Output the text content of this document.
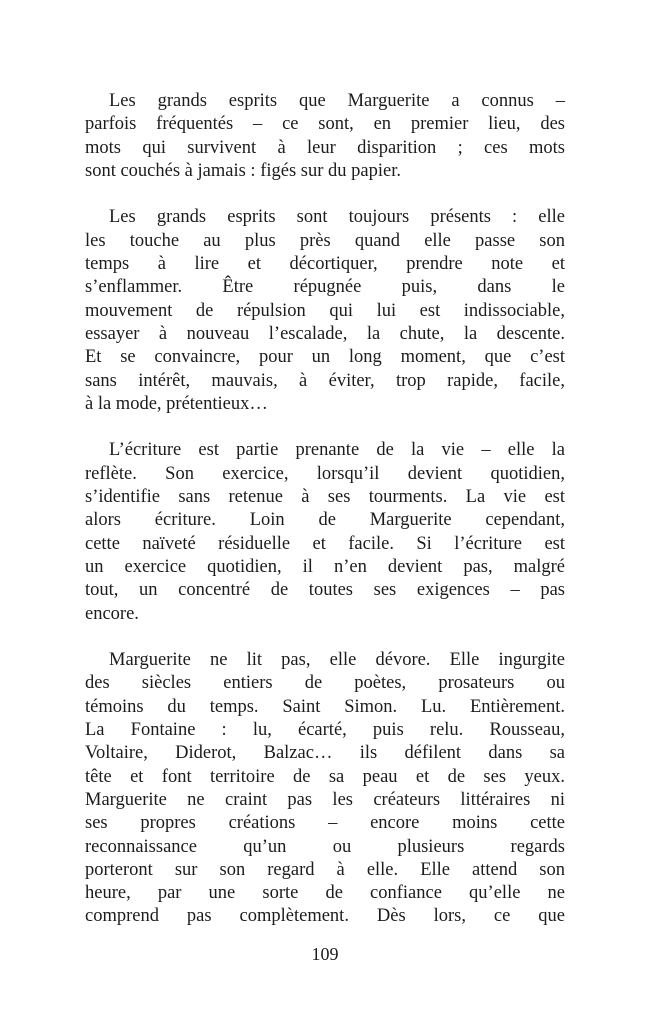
Les grands esprits que Marguerite a connus –
parfois fréquentés – ce sont, en premier lieu, des
mots qui survivent à leur disparition ; ces mots
sont couchés à jamais : figés sur du papier.
Les grands esprits sont toujours présents : elle
les touche au plus près quand elle passe son
temps à lire et décortiquer, prendre note et
s’enflammer. Être répugnée puis, dans le
mouvement de répulsion qui lui est indissociable,
essayer à nouveau l’escalade, la chute, la descente.
Et se convaincre, pour un long moment, que c’est
sans intérêt, mauvais, à éviter, trop rapide, facile,
à la mode, prétentieux…
L’écriture est partie prenante de la vie – elle la
reflète. Son exercice, lorsqu’il devient quotidien,
s’identifie sans retenue à ses tourments. La vie est
alors écriture. Loin de Marguerite cependant,
cette naïveté résiduelle et facile. Si l’écriture est
un exercice quotidien, il n’en devient pas, malgré
tout, un concentré de toutes ses exigences – pas
encore.
Marguerite ne lit pas, elle dévore. Elle ingurgite
des siècles entiers de poètes, prosateurs ou
témoins du temps. Saint Simon. Lu. Entièrement.
La Fontaine : lu, écarté, puis relu. Rousseau,
Voltaire, Diderot, Balzac… ils défilent dans sa
tête et font territoire de sa peau et de ses yeux.
Marguerite ne craint pas les créateurs littéraires ni
ses propres créations – encore moins cette
reconnaissance qu’un ou plusieurs regards
porteront sur son regard à elle. Elle attend son
heure, par une sorte de confiance qu’elle ne
comprend pas complètement. Dès lors, ce que
109
